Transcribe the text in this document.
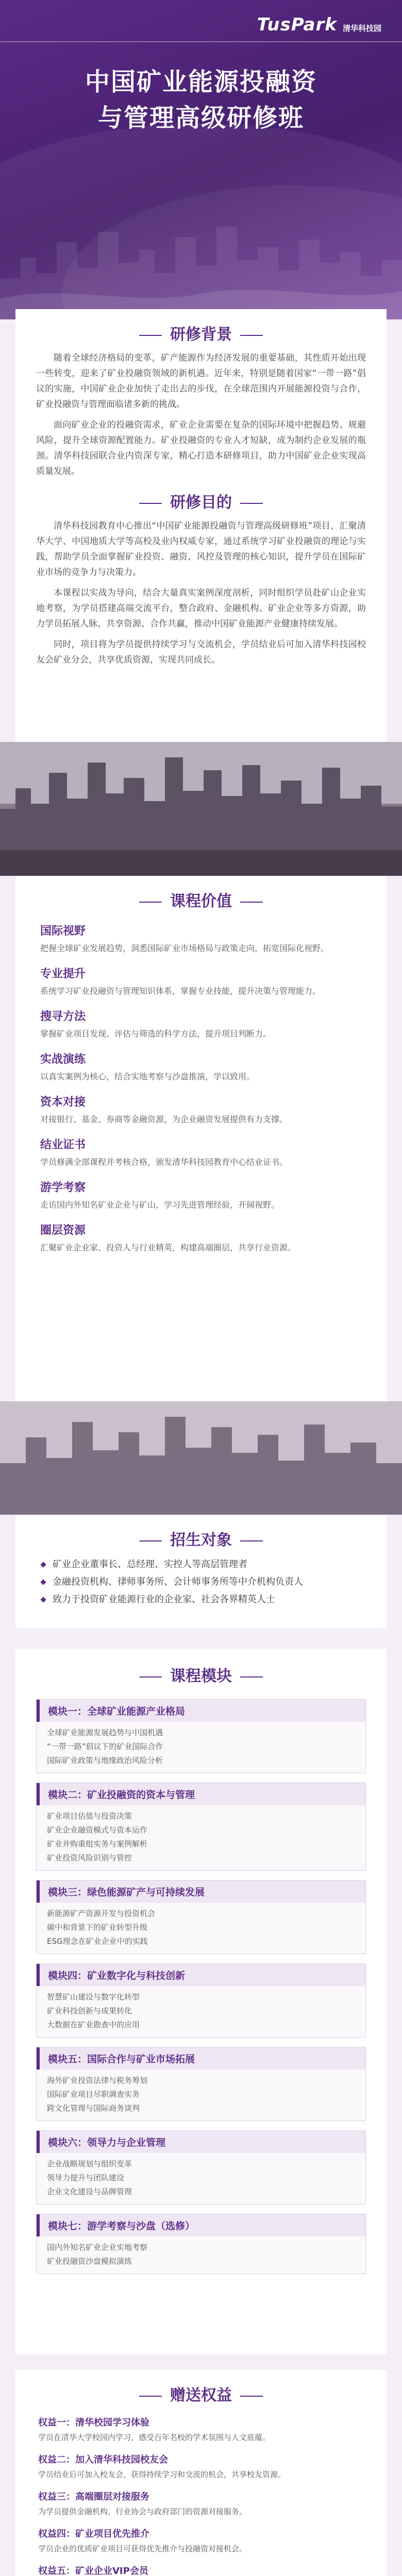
TusPark 清华科技园
中国矿业能源投融资
与管理高级研修班
研修背景

随着全球经济格局的变革，矿产能源作为经济发展的重要基础，其性质开始出现一些转变，迎来了矿业投融资领域的新机遇。近年来，特别是随着国家“一带一路”倡议的实施，中国矿业企业加快了走出去的步伐，在全球范围内开展能源投资与合作，矿业投融资与管理面临诸多新的挑战。

面向矿业企业的投融资需求，矿业企业需要在复杂的国际环境中把握趋势、规避风险，提升全球资源配置能力。矿业投融资的专业人才短缺，成为制约企业发展的瓶颈。清华科技园联合业内资深专家，精心打造本研修项目，助力中国矿业企业实现高质量发展。

研修目的

清华科技园教育中心推出“中国矿业能源投融资与管理高级研修班”项目，汇聚清华大学、中国地质大学等高校及业内权威专家，通过系统学习矿业投融资的理论与实践，帮助学员全面掌握矿业投资、融资、风控及管理的核心知识，提升学员在国际矿业市场的竞争力与决策力。

本课程以实战为导向，结合大量真实案例深度剖析，同时组织学员赴矿山企业实地考察，为学员搭建高端交流平台，整合政府、金融机构、矿业企业等多方资源，助力学员拓展人脉、共享资源、合作共赢，推动中国矿业能源产业健康持续发展。

同时，项目将为学员提供持续学习与交流机会，学员结业后可加入清华科技园校友会矿业分会，共享优质资源，实现共同成长。

课程价值
国际视野
把握全球矿业发展趋势，洞悉国际矿业市场格局与政策走向，拓宽国际化视野。
专业提升
系统学习矿业投融资与管理知识体系，掌握专业技能，提升决策与管理能力。
搜寻方法
掌握矿业项目发现、评估与筛选的科学方法，提升项目判断力。
实战演练
以真实案例为核心，结合实地考察与沙盘推演，学以致用。
资本对接
对接银行、基金、券商等金融资源，为企业融资发展提供有力支撑。
结业证书
学员修满全部课程并考核合格，颁发清华科技园教育中心结业证书。
游学考察
走访国内外知名矿业企业与矿山，学习先进管理经验，开阔视野。
圈层资源
汇聚矿业企业家、投资人与行业精英，构建高端圈层，共享行业资源。
招生对象
矿业企业董事长、总经理、实控人等高层管理者
金融投资机构、律师事务所、会计师事务所等中介机构负责人
致力于投资矿业能源行业的企业家、社会各界精英人士
课程模块
模块一：全球矿业能源产业格局
全球矿业能源发展趋势与中国机遇
“一带一路”倡议下的矿业国际合作
国际矿业政策与地缘政治风险分析
模块二：矿业投融资的资本与管理
矿业项目估值与投资决策
矿业企业融资模式与资本运作
矿业并购重组实务与案例解析
矿业投资风险识别与管控
模块三：绿色能源矿产与可持续发展
新能源矿产资源开发与投资机会
碳中和背景下的矿业转型升级
ESG理念在矿业企业中的实践
模块四：矿业数字化与科技创新
智慧矿山建设与数字化转型
矿业科技创新与成果转化
大数据在矿业勘查中的应用
模块五：国际合作与矿业市场拓展
海外矿业投资法律与税务筹划
国际矿业项目尽职调查实务
跨文化管理与国际商务谈判
模块六：领导力与企业管理
企业战略规划与组织变革
领导力提升与团队建设
企业文化建设与品牌管理
模块七：游学考察与沙盘（选修）
国内外知名矿业企业实地考察
矿业投融资沙盘模拟演练
赠送权益
权益一：清华校园学习体验
学员在清华大学校园内学习，感受百年名校的学术氛围与人文底蕴。
权益二：加入清华科技园校友会
学员结业后可加入校友会，获得持续学习和交流的机会，共享校友资源。
权益三：高端圈层对接服务
为学员提供金融机构、行业协会与政府部门的资源对接服务。
权益四：矿业项目优先推介
学员企业的优质矿业项目可获得优先推介与投融资对接机会。
权益五：矿业企业VIP会员
